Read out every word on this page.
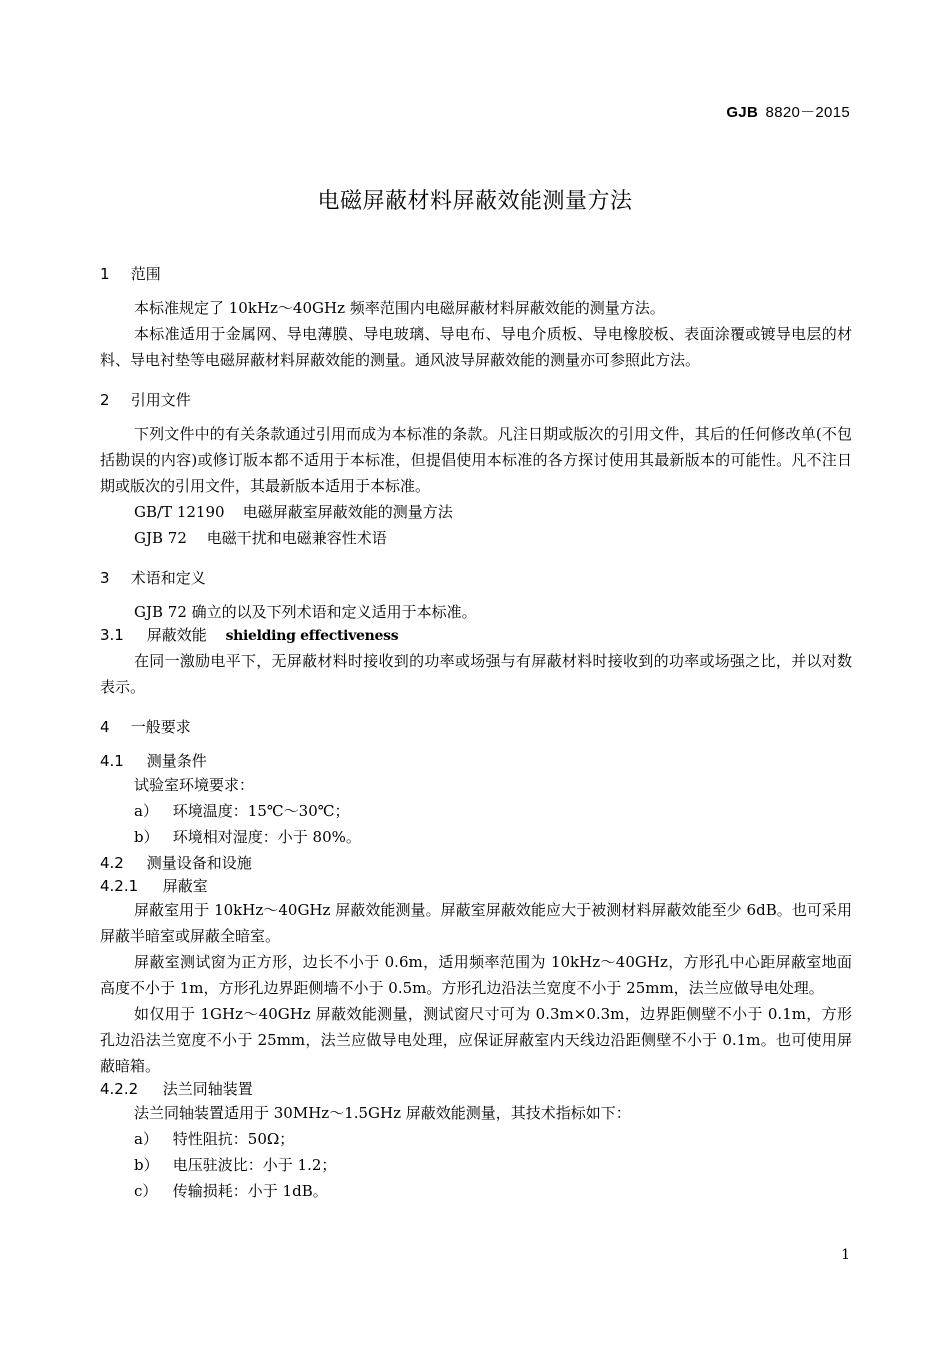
GJB 8820－2015
电磁屏蔽材料屏蔽效能测量方法

1 范围

本标准规定了 10kHz～40GHz 频率范围内电磁屏蔽材料屏蔽效能的测量方法。

本标准适用于金属网、导电薄膜、导电玻璃、导电布、导电介质板、导电橡胶板、表面涂覆或镀导电层的材料、导电衬垫等电磁屏蔽材料屏蔽效能的测量。通风波导屏蔽效能的测量亦可参照此方法。

2 引用文件

下列文件中的有关条款通过引用而成为本标准的条款。凡注日期或版次的引用文件，其后的任何修改单(不包括勘误的内容)或修订版本都不适用于本标准，但提倡使用本标准的各方探讨使用其最新版本的可能性。凡不注日期或版次的引用文件，其最新版本适用于本标准。

GB/T 12190 电磁屏蔽室屏蔽效能的测量方法

GJB 72 电磁干扰和电磁兼容性术语

3 术语和定义

GJB 72 确立的以及下列术语和定义适用于本标准。

3.1 屏蔽效能 shielding effectiveness

在同一激励电平下，无屏蔽材料时接收到的功率或场强与有屏蔽材料时接收到的功率或场强之比，并以对数表示。

4 一般要求

4.1 测量条件

试验室环境要求：

a） 环境温度：15℃～30℃；

b） 环境相对湿度：小于 80%。

4.2 测量设备和设施

4.2.1 屏蔽室

屏蔽室用于 10kHz～40GHz 屏蔽效能测量。屏蔽室屏蔽效能应大于被测材料屏蔽效能至少 6dB。也可采用屏蔽半暗室或屏蔽全暗室。

屏蔽室测试窗为正方形，边长不小于 0.6m，适用频率范围为 10kHz～40GHz，方形孔中心距屏蔽室地面高度不小于 1m，方形孔边界距侧墙不小于 0.5m。方形孔边沿法兰宽度不小于 25mm，法兰应做导电处理。

如仅用于 1GHz～40GHz 屏蔽效能测量，测试窗尺寸可为 0.3m×0.3m，边界距侧壁不小于 0.1m，方形孔边沿法兰宽度不小于 25mm，法兰应做导电处理，应保证屏蔽室内天线边沿距侧壁不小于 0.1m。也可使用屏蔽暗箱。

4.2.2 法兰同轴装置

法兰同轴装置适用于 30MHz～1.5GHz 屏蔽效能测量，其技术指标如下：

a） 特性阻抗：50Ω；

b） 电压驻波比：小于 1.2；

c） 传输损耗：小于 1dB。

1
